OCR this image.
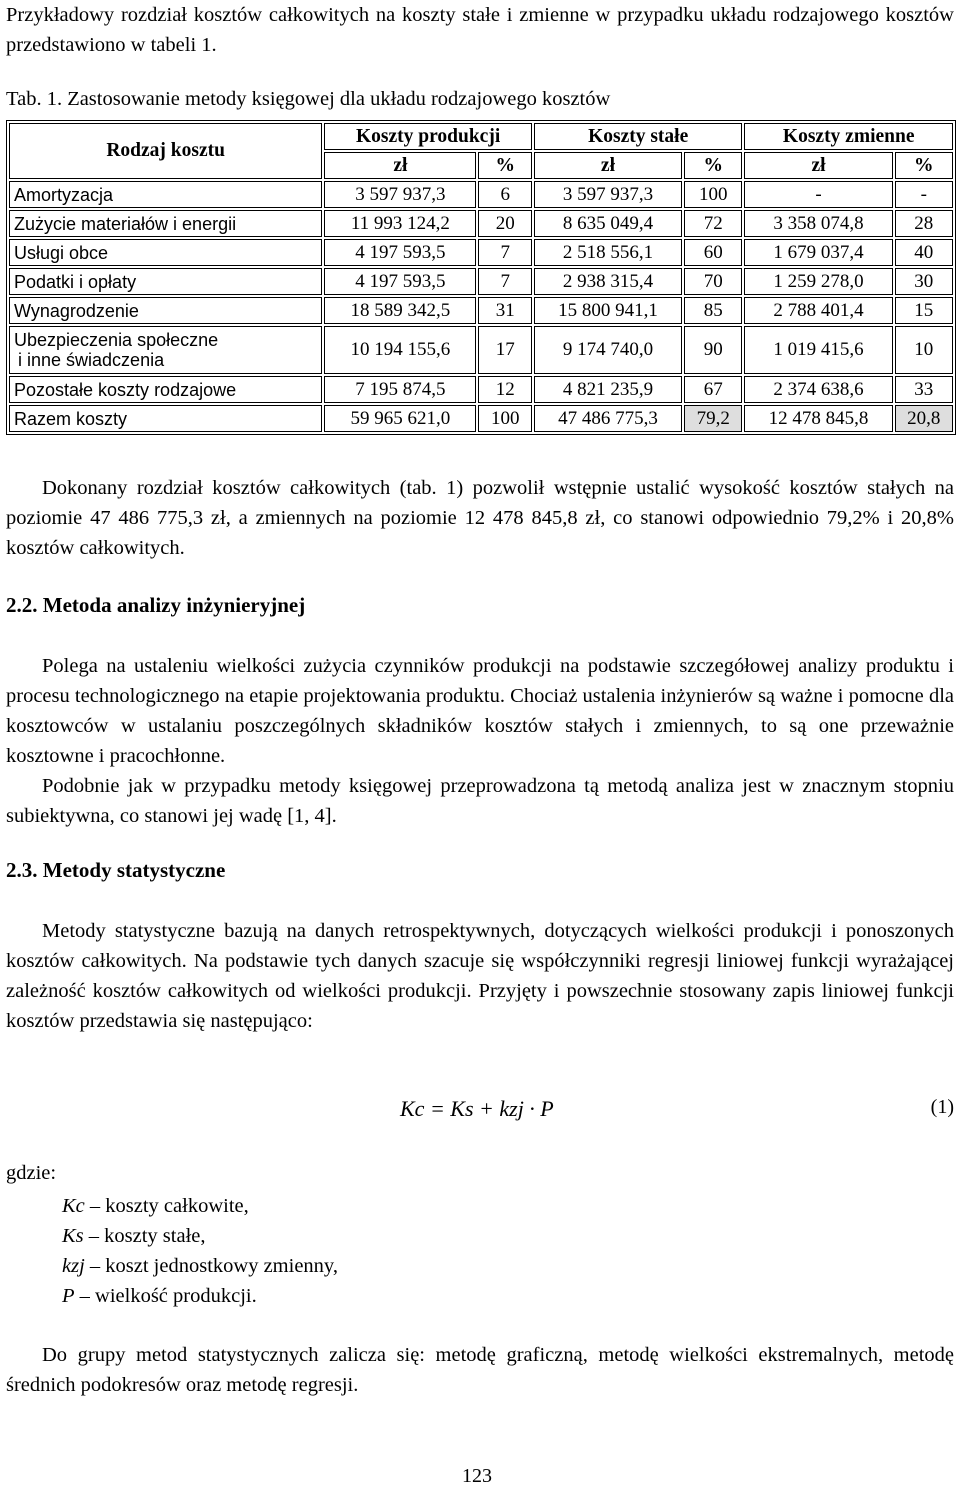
Przykładowy rozdział kosztów całkowitych na koszty stałe i zmienne w przypadku układu rodzajowego kosztów przedstawiono w tabeli 1.

Tab. 1. Zastosowanie metody księgowej dla układu rodzajowego kosztów
Rodzaj kosztu	Koszty produkcji		Koszty stałe		Koszty zmienne	
	zł	%	zł	%	zł	%
Amortyzacja	3 597 937,3	6	3 597 937,3	100	-	-
Zużycie materiałów i energii	11 993 124,2	20	8 635 049,4	72	3 358 074,8	28
Usługi obce	4 197 593,5	7	2 518 556,1	60	1 679 037,4	40
Podatki i opłaty	4 197 593,5	7	2 938 315,4	70	1 259 278,0	30
Wynagrodzenie	18 589 342,5	31	15 800 941,1	85	2 788 401,4	15

Ubezpieczenia społeczne
i inne świadczenia	10 194 155,6	17	9 174 740,0	90	1 019 415,6	10
Pozostałe koszty rodzajowe	7 195 874,5	12	4 821 235,9	67	2 374 638,6	33
Razem koszty	59 965 621,0	100	47 486 775,3	79,2	12 478 845,8	20,8

Dokonany rozdział kosztów całkowitych (tab. 1) pozwolił wstępnie ustalić wysokość kosztów stałych na poziomie 47 486 775,3 zł, a zmiennych na poziomie 12 478 845,8 zł, co stanowi odpowiednio 79,2% i 20,8% kosztów całkowitych.

2.2. Metoda analizy inżynieryjnej

Polega na ustaleniu wielkości zużycia czynników produkcji na podstawie szczegółowej analizy produktu i procesu technologicznego na etapie projektowania produktu. Chociaż ustalenia inżynierów są ważne i pomocne dla kosztowców w ustalaniu poszczególnych składników kosztów stałych i zmiennych, to są one przeważnie kosztowne i pracochłonne.

Podobnie jak w przypadku metody księgowej przeprowadzona tą metodą analiza jest w znacznym stopniu subiektywna, co stanowi jej wadę [1, 4].

2.3. Metody statystyczne

Metody statystyczne bazują na danych retrospektywnych, dotyczących wielkości produkcji i ponoszonych kosztów całkowitych. Na podstawie tych danych szacuje się współczynniki regresji liniowej funkcji wyrażającej zależność kosztów całkowitych od wielkości produkcji. Przyjęty i powszechnie stosowany zapis liniowej funkcji kosztów przedstawia się następująco:

Kc = Ks + kzj · P	(1)
gdzie:
Kc – koszty całkowite,
Ks – koszty stałe,
kzj – koszt jednostkowy zmienny,
P – wielkość produkcji.

Do grupy metod statystycznych zalicza się: metodę graficzną, metodę wielkości ekstremalnych, metodę średnich podokresów oraz metodę regresji.

123
